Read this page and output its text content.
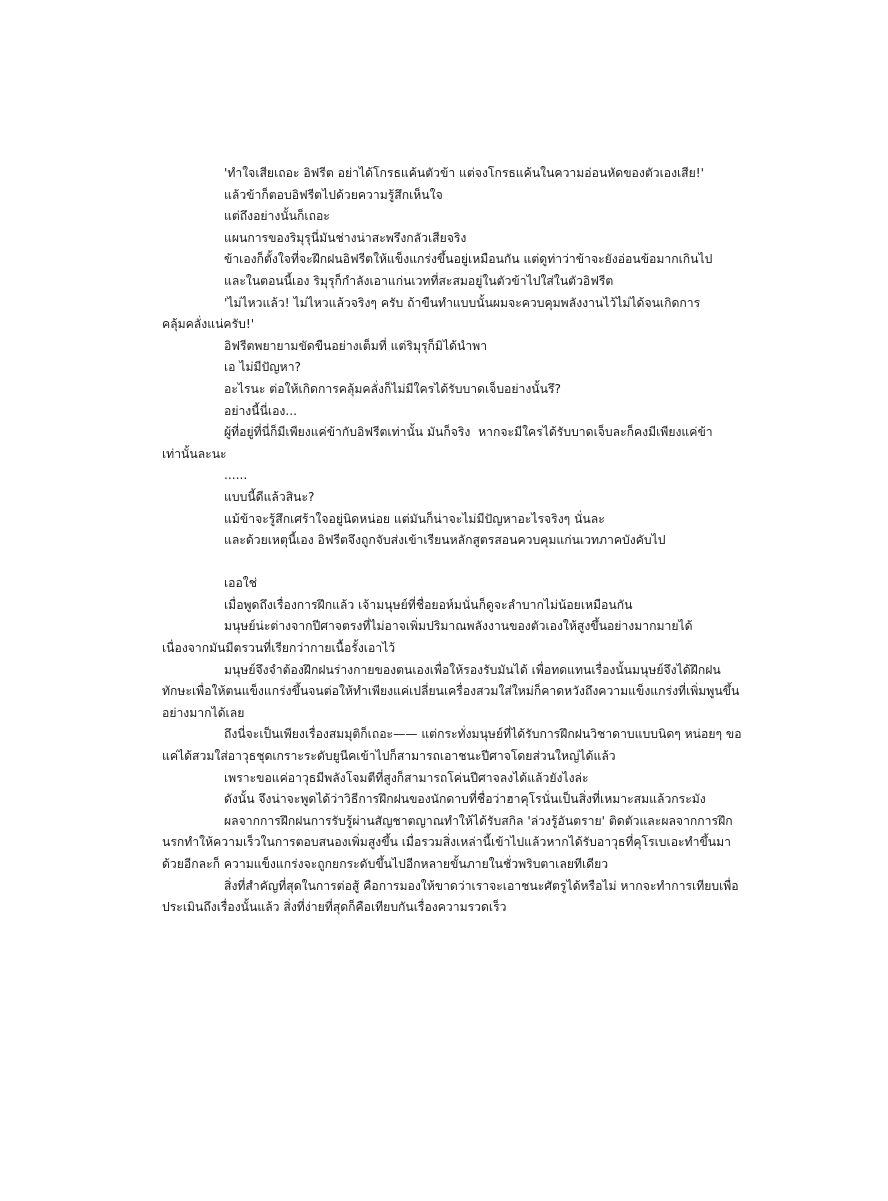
'ทำใจเสียเถอะ อิฟรีต อย่าได้โกรธแค้นตัวข้า แต่จงโกรธแค้นในความอ่อนหัดของตัวเองเสีย!'

แล้วข้าก็ตอบอิฟรีตไปด้วยความรู้สึกเห็นใจ

แต่ถึงอย่างนั้นก็เถอะ

แผนการของริมุรุนี่มันช่างน่าสะพรึงกลัวเสียจริง

ข้าเองก็ตั้งใจที่จะฝึกฝนอิฟรีตให้แข็งแกร่งขึ้นอยู่เหมือนกัน แต่ดูท่าว่าข้าจะยังอ่อนข้อมากเกินไป

และในตอนนี้เอง ริมุรุก็กำลังเอาแก่นเวทที่สะสมอยู่ในตัวข้าไปใส่ในตัวอิฟรีต

'ไม่ไหวแล้ว! ไม่ไหวแล้วจริงๆ ครับ ถ้าขืนทำแบบนั้นผมจะควบคุมพลังงานไว้ไม่ได้จนเกิดการคลุ้มคลั่งแน่ครับ!'

อิฟรีตพยายามขัดขืนอย่างเต็มที่ แต่ริมุรุก็มิได้นำพา

เอ ไม่มีปัญหา?

อะไรนะ ต่อให้เกิดการคลุ้มคลั่งก็ไม่มีใครได้รับบาดเจ็บอย่างนั้นรึ?

อย่างนี้นี่เอง...

ผู้ที่อยู่ที่นี่ก็มีเพียงแค่ข้ากับอิฟรีตเท่านั้น มันก็จริง  หากจะมีใครได้รับบาดเจ็บละก็คงมีเพียงแค่ข้าเท่านั้นละนะ

......

แบบนี้ดีแล้วสินะ?

แม้ข้าจะรู้สึกเศร้าใจอยู่นิดหน่อย แต่มันก็น่าจะไม่มีปัญหาอะไรจริงๆ นั่นละ

และด้วยเหตุนี้เอง อิฟรีตจึงถูกจับส่งเข้าเรียนหลักสูตรสอนควบคุมแก่นเวทภาคบังคับไป

เออใช่

เมื่อพูดถึงเรื่องการฝึกแล้ว เจ้ามนุษย์ที่ชื่อยอห์มนั่นก็ดูจะลำบากไม่น้อยเหมือนกัน

มนุษย์น่ะต่างจากปีศาจตรงที่ไม่อาจเพิ่มปริมาณพลังงานของตัวเองให้สูงขึ้นอย่างมากมายได้ เนื่องจากมันมีตรวนที่เรียกว่ากายเนื้อรั้งเอาไว้

มนุษย์จึงจำต้องฝึกฝนร่างกายของตนเองเพื่อให้รองรับมันได้ เพื่อทดแทนเรื่องนั้นมนุษย์จึงได้ฝึกฝนทักษะเพื่อให้ตนแข็งแกร่งขึ้นจนต่อให้ทำเพียงแค่เปลี่ยนเครื่องสวมใส่ใหม่ก็คาดหวังถึงความแข็งแกร่งที่เพิ่มพูนขึ้นอย่างมากได้เลย

ถึงนี่จะเป็นเพียงเรื่องสมมุติก็เถอะ—— แต่กระทั่งมนุษย์ที่ได้รับการฝึกฝนวิชาดาบแบบนิดๆ หน่อยๆ ขอแค่ได้สวมใส่อาวุธชุดเกราะระดับยูนีคเข้าไปก็สามารถเอาชนะปีศาจโดยส่วนใหญ่ได้แล้ว

เพราะขอแค่อาวุธมีพลังโจมตีที่สูงก็สามารถโค่นปีศาจลงได้แล้วยังไงล่ะ

ดังนั้น จึงน่าจะพูดได้ว่าวิธีการฝึกฝนของนักดาบที่ชื่อว่าฮาคุโรนั่นเป็นสิ่งที่เหมาะสมแล้วกระมัง

ผลจากการฝึกฝนการรับรู้ผ่านสัญชาตญาณทำให้ได้รับสกิล 'ล่วงรู้อันตราย' ติดตัวและผลจากการฝึกนรกทำให้ความเร็วในการตอบสนองเพิ่มสูงขึ้น เมื่อรวมสิ่งเหล่านี้เข้าไปแล้วหากได้รับอาวุธที่คุโรเบเอะทำขึ้นมาด้วยอีกละก็ ความแข็งแกร่งจะถูกยกระดับขึ้นไปอีกหลายขั้นภายในชั่วพริบตาเลยทีเดียว

สิ่งที่สำคัญที่สุดในการต่อสู้ คือการมองให้ขาดว่าเราจะเอาชนะศัตรูได้หรือไม่ หากจะทำการเทียบเพื่อประเมินถึงเรื่องนั้นแล้ว สิ่งที่ง่ายที่สุดก็คือเทียบกันเรื่องความรวดเร็ว
